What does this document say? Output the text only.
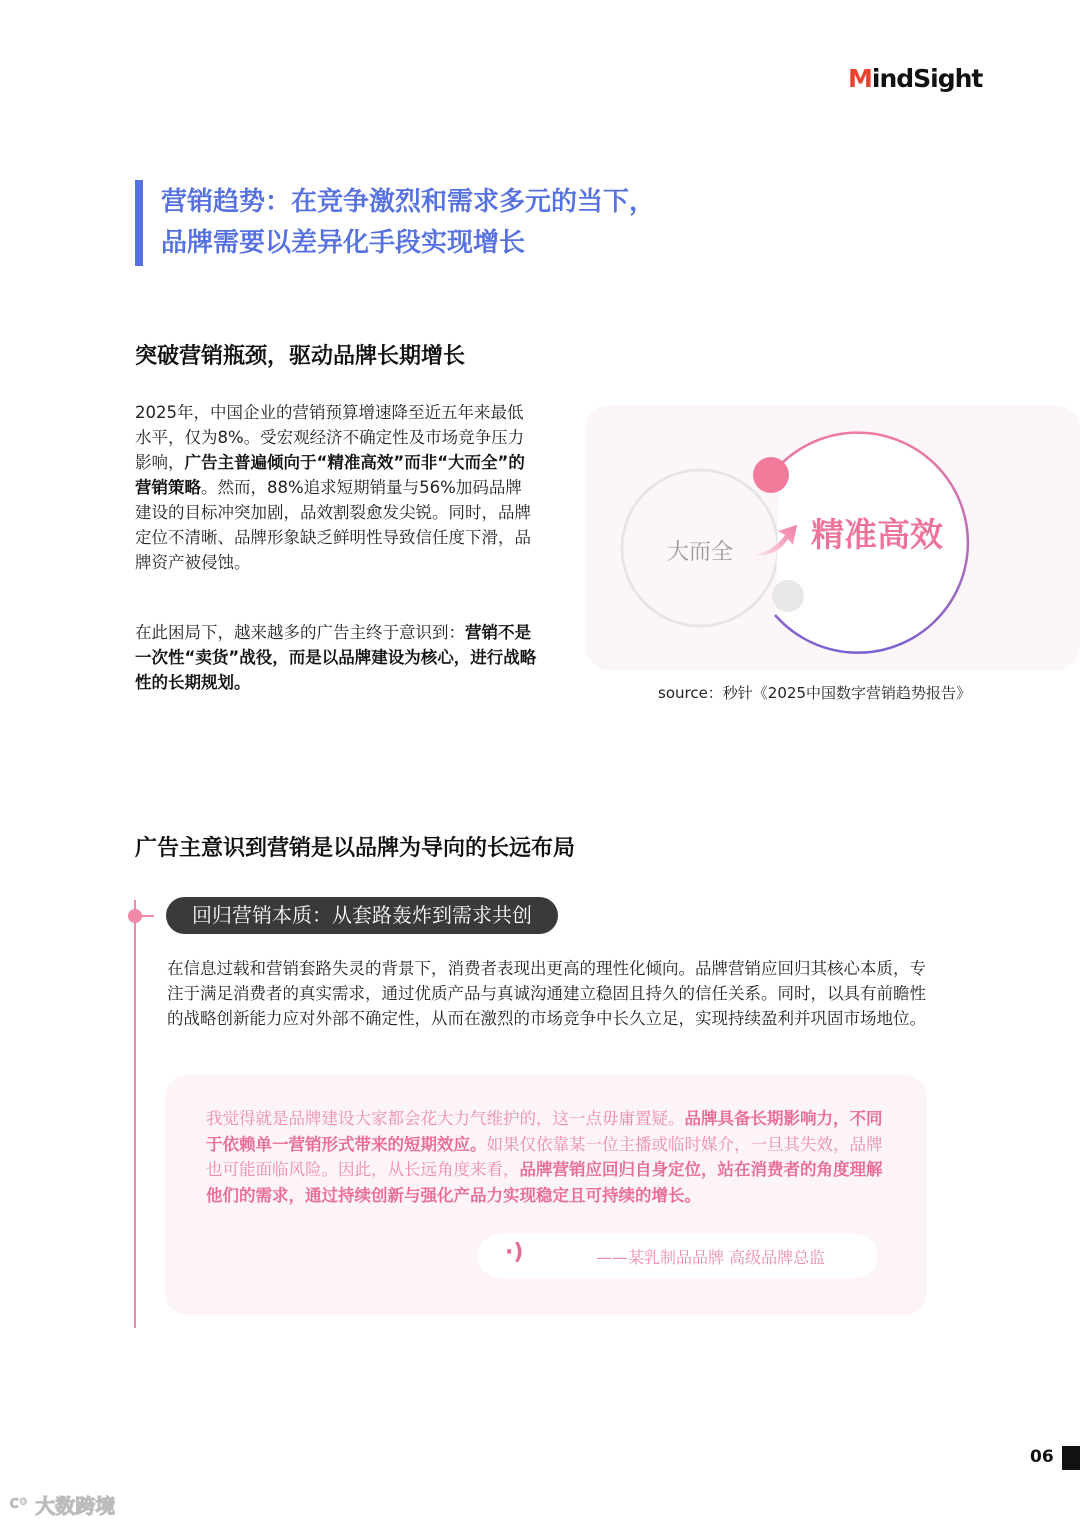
MindSight
营销趋势：在竞争激烈和需求多元的当下，
品牌需要以差异化手段实现增长
突破营销瓶颈，驱动品牌长期增长
2025年，中国企业的营销预算增速降至近五年来最低水平，仅为8%。受宏观经济不确定性及市场竞争压力影响，广告主普遍倾向于“精准高效”而非“大而全”的营销策略。然而，88%追求短期销量与56%加码品牌建设的目标冲突加剧，品效割裂愈发尖锐。同时，品牌定位不清晰、品牌形象缺乏鲜明性导致信任度下滑，品牌资产被侵蚀。
在此困局下，越来越多的广告主终于意识到：营销不是一次性“卖货”战役，而是以品牌建设为核心，进行战略性的长期规划。
大而全 精准高效
source：秒针《2025中国数字营销趋势报告》
广告主意识到营销是以品牌为导向的长远布局
回归营销本质：从套路轰炸到需求共创
在信息过载和营销套路失灵的背景下，消费者表现出更高的理性化倾向。品牌营销应回归其核心本质，专注于满足消费者的真实需求，通过优质产品与真诚沟通建立稳固且持久的信任关系。同时，以具有前瞻性的战略创新能力应对外部不确定性，从而在激烈的市场竞争中长久立足，实现持续盈利并巩固市场地位。
我觉得就是品牌建设大家都会花大力气维护的，这一点毋庸置疑。品牌具备长期影响力，不同于依赖单一营销形式带来的短期效应。如果仅依靠某一位主播或临时媒介，一旦其失效，品牌也可能面临风险。因此，从长远角度来看，品牌营销应回归自身定位，站在消费者的角度理解他们的需求，通过持续创新与强化产品力实现稳定且可持续的增长。
·)	——某乳制品品牌 高级品牌总监
06
ꟲ° 大数跨境
